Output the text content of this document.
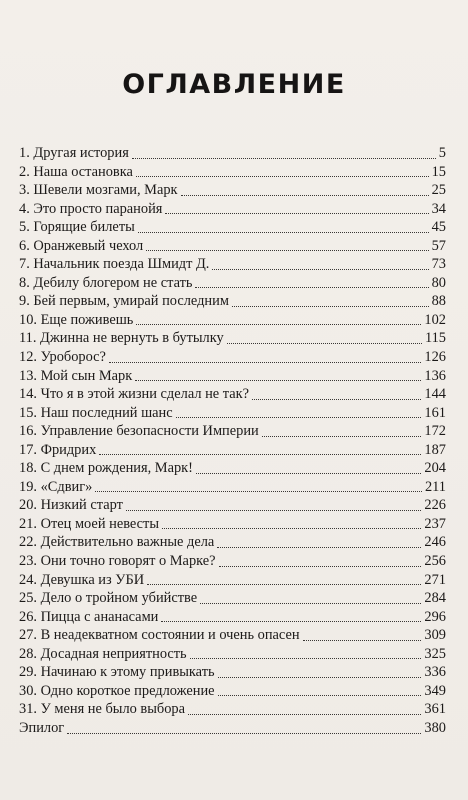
ОГЛАВЛЕНИЕ
1. Другая история	5
2. Наша остановка	15
3. Шевели мозгами, Марк	25
4. Это просто паранойя	34
5. Горящие билеты	45
6. Оранжевый чехол	57
7. Начальник поезда Шмидт Д.	73
8. Дебилу блогером не стать	80
9. Бей первым, умирай последним	88
10. Еще поживешь	102
11. Джинна не вернуть в бутылку	115
12. Уроборос?	126
13. Мой сын Марк	136
14. Что я в этой жизни сделал не так?	144
15. Наш последний шанс	161
16. Управление безопасности Империи	172
17. Фридрих	187
18. С днем рождения, Марк!	204
19. «Сдвиг»	211
20. Низкий старт	226
21. Отец моей невесты	237
22. Действительно важные дела	246
23. Они точно говорят о Марке?	256
24. Девушка из УБИ	271
25. Дело о тройном убийстве	284
26. Пицца с ананасами	296
27. В неадекватном состоянии и очень опасен	309
28. Досадная неприятность	325
29. Начинаю к этому привыкать	336
30. Одно короткое предложение	349
31. У меня не было выбора	361
Эпилог	380
